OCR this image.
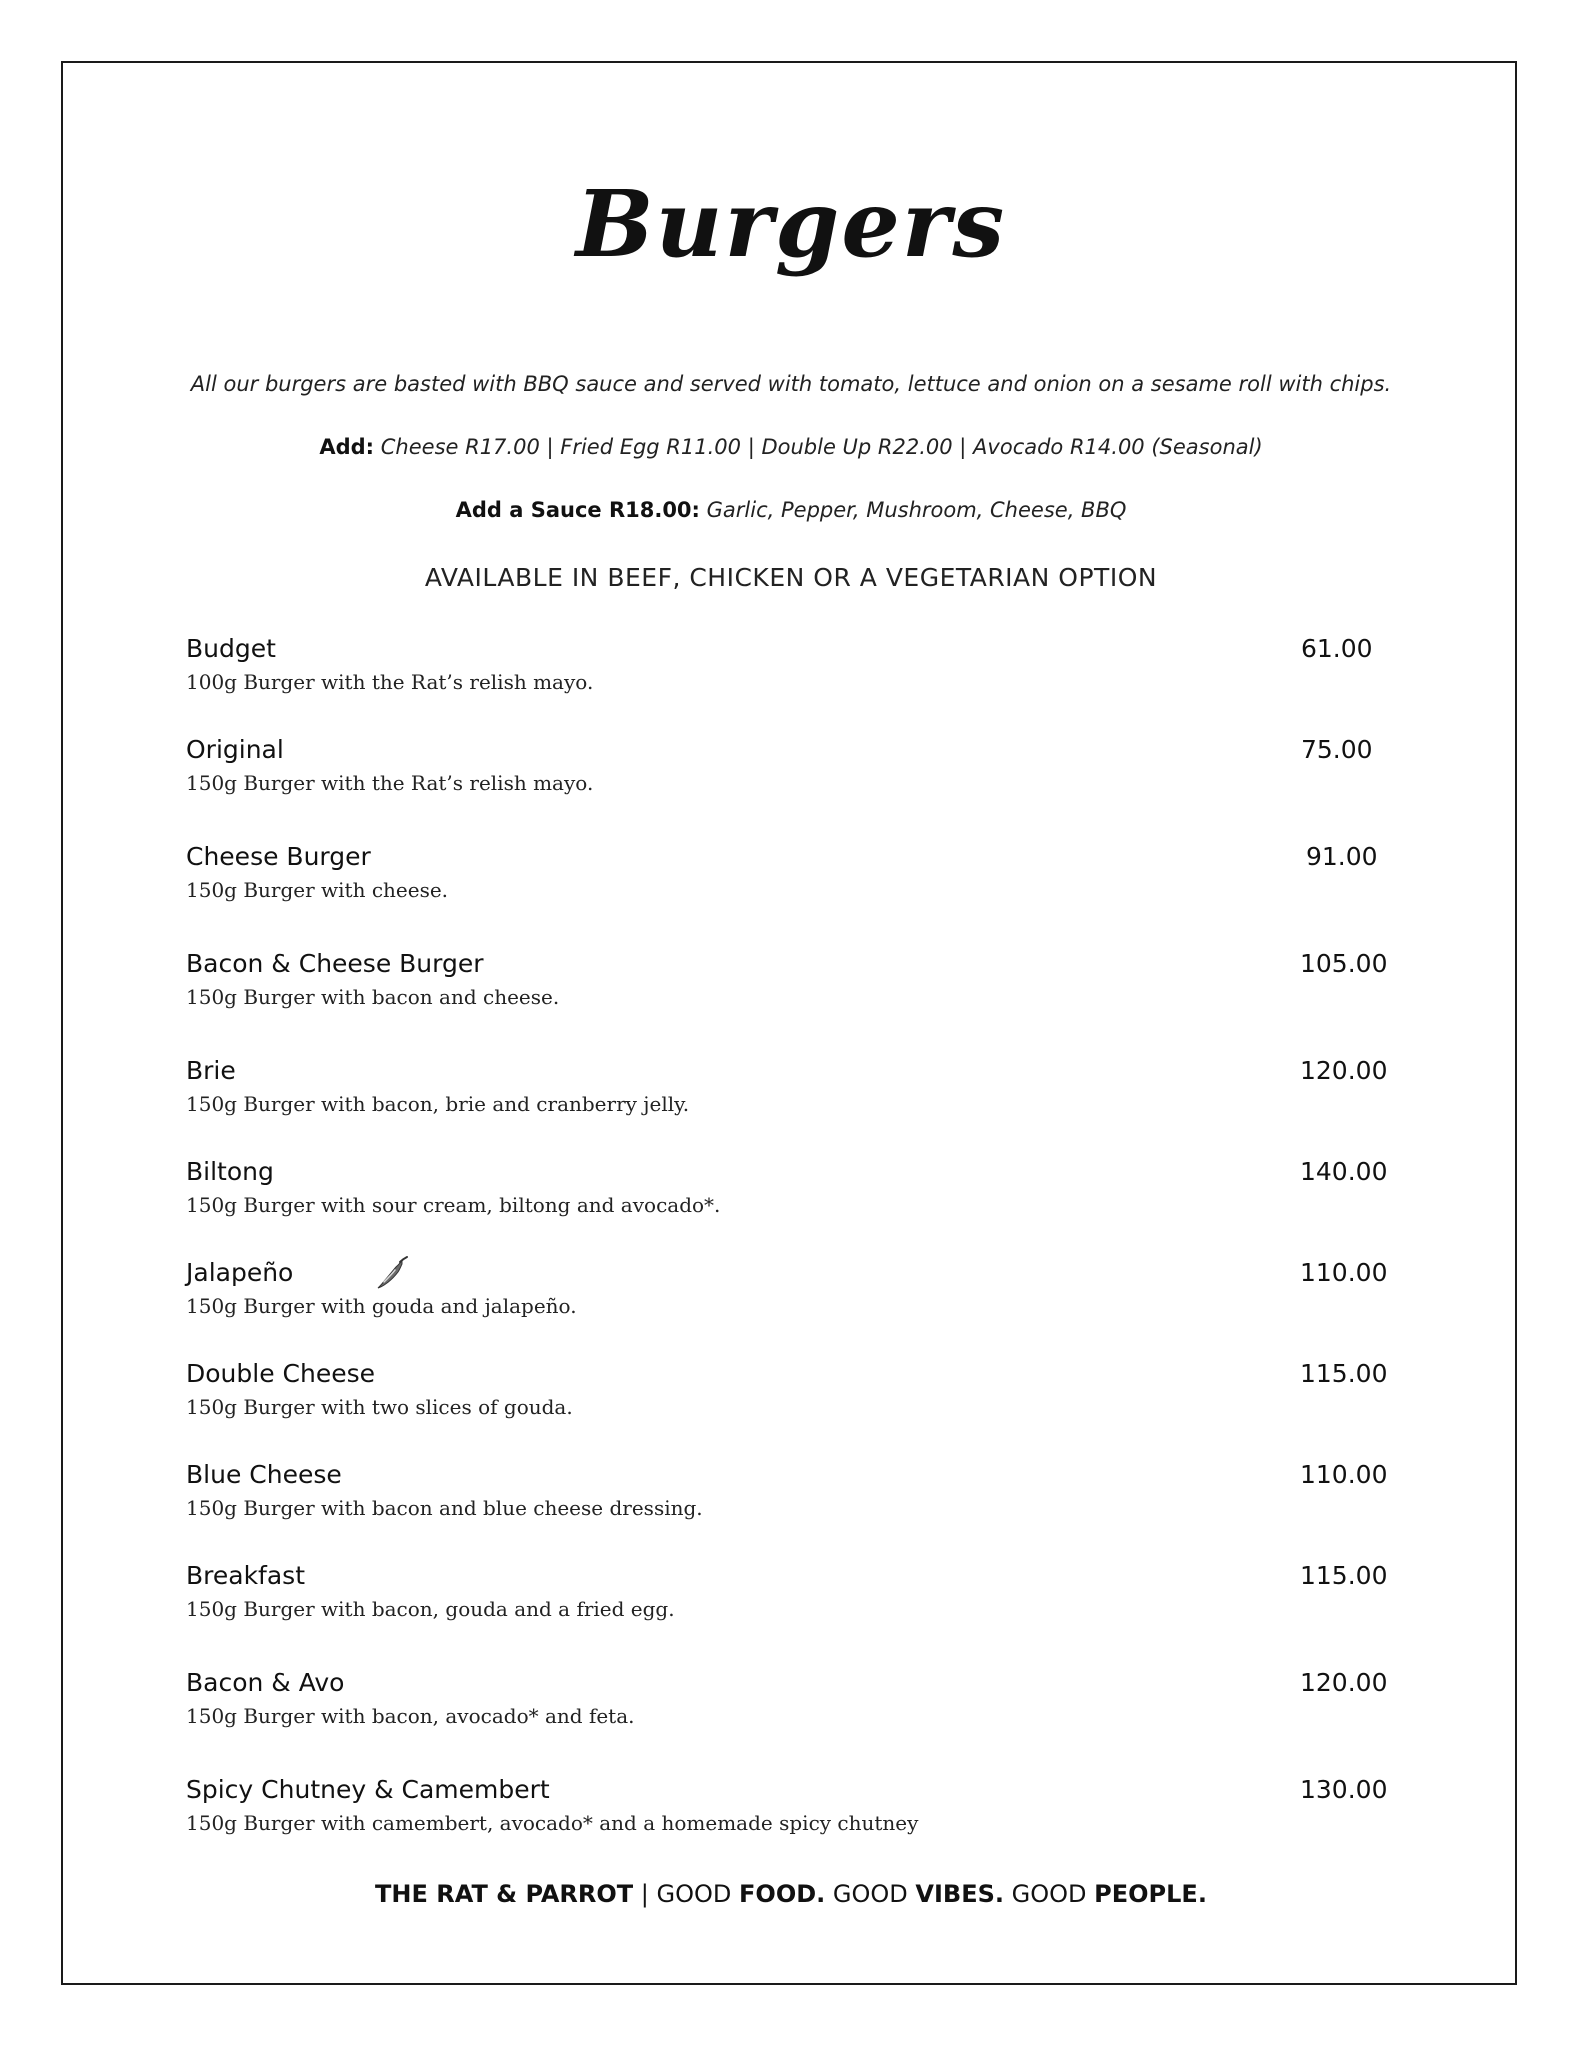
Burgers
All our burgers are basted with BBQ sauce and served with tomato, lettuce and onion on a sesame roll with chips.
Add: Cheese R17.00 | Fried Egg R11.00 | Double Up R22.00 | Avocado R14.00 (Seasonal)
Add a Sauce R18.00: Garlic, Pepper, Mushroom, Cheese, BBQ
AVAILABLE IN BEEF, CHICKEN OR A VEGETARIAN OPTION
Budget
100g Burger with the Rat’s relish mayo.
61.00
Original
150g Burger with the Rat’s relish mayo.
75.00
Cheese Burger
150g Burger with cheese.
91.00
Bacon & Cheese Burger
150g Burger with bacon and cheese.
105.00
Brie
150g Burger with bacon, brie and cranberry jelly.
120.00
Biltong
150g Burger with sour cream, biltong and avocado*.
140.00
Jalapeño
150g Burger with gouda and jalapeño.
110.00
Double Cheese
150g Burger with two slices of gouda.
115.00
Blue Cheese
150g Burger with bacon and blue cheese dressing.
110.00
Breakfast
150g Burger with bacon, gouda and a fried egg.
115.00
Bacon & Avo
150g Burger with bacon, avocado* and feta.
120.00
Spicy Chutney & Camembert
150g Burger with camembert, avocado* and a homemade spicy chutney
130.00
THE RAT & PARROT | GOOD FOOD. GOOD VIBES. GOOD PEOPLE.
